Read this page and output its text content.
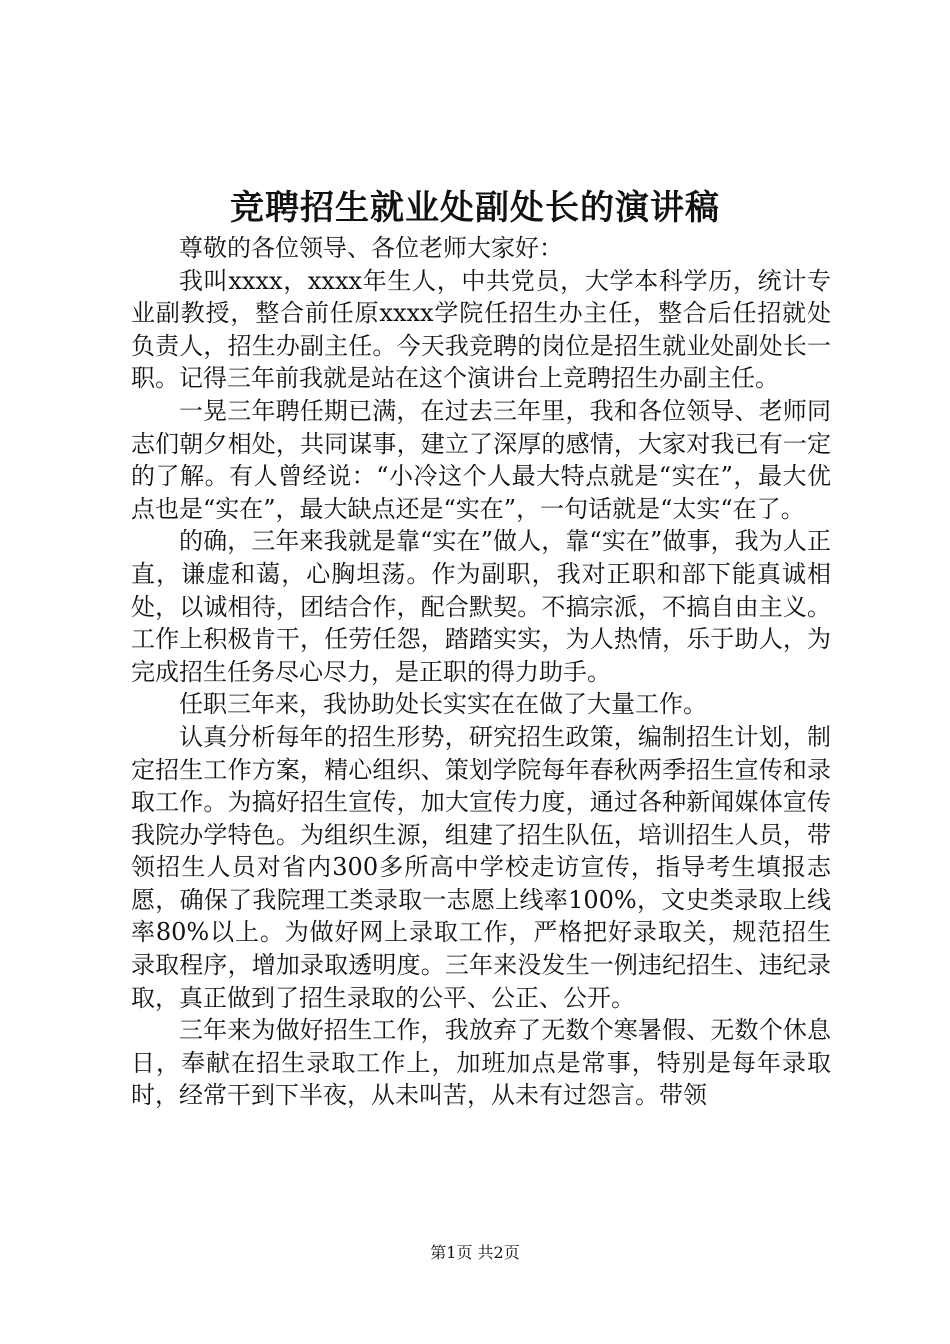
竞聘招生就业处副处长的演讲稿

尊敬的各位领导、各位老师大家好：

我叫xxxx，xxxx年生人，中共党员，大学本科学历，统计专业副教授，整合前任原xxxx学院任招生办主任，整合后任招就处负责人，招生办副主任。今天我竞聘的岗位是招生就业处副处长一职。记得三年前我就是站在这个演讲台上竞聘招生办副主任。

一晃三年聘任期已满，在过去三年里，我和各位领导、老师同志们朝夕相处，共同谋事，建立了深厚的感情，大家对我已有一定的了解。有人曾经说：“小冷这个人最大特点就是“实在”，最大优点也是“实在”，最大缺点还是“实在”，一句话就是“太实“在了。

的确，三年来我就是靠“实在”做人，靠“实在”做事，我为人正直，谦虚和蔼，心胸坦荡。作为副职，我对正职和部下能真诚相处，以诚相待，团结合作，配合默契。不搞宗派，不搞自由主义。工作上积极肯干，任劳任怨，踏踏实实，为人热情，乐于助人，为完成招生任务尽心尽力，是正职的得力助手。

任职三年来，我协助处长实实在在做了大量工作。

认真分析每年的招生形势，研究招生政策，编制招生计划，制定招生工作方案，精心组织、策划学院每年春秋两季招生宣传和录取工作。为搞好招生宣传，加大宣传力度，通过各种新闻媒体宣传我院办学特色。为组织生源，组建了招生队伍，培训招生人员，带领招生人员对省内300多所高中学校走访宣传，指导考生填报志愿，确保了我院理工类录取一志愿上线率100%，文史类录取上线率80%以上。为做好网上录取工作，严格把好录取关，规范招生录取程序，增加录取透明度。三年来没发生一例违纪招生、违纪录取，真正做到了招生录取的公平、公正、公开。

三年来为做好招生工作，我放弃了无数个寒暑假、无数个休息日，奉献在招生录取工作上，加班加点是常事，特别是每年录取时，经常干到下半夜，从未叫苦，从未有过怨言。带领

第1页 共2页
